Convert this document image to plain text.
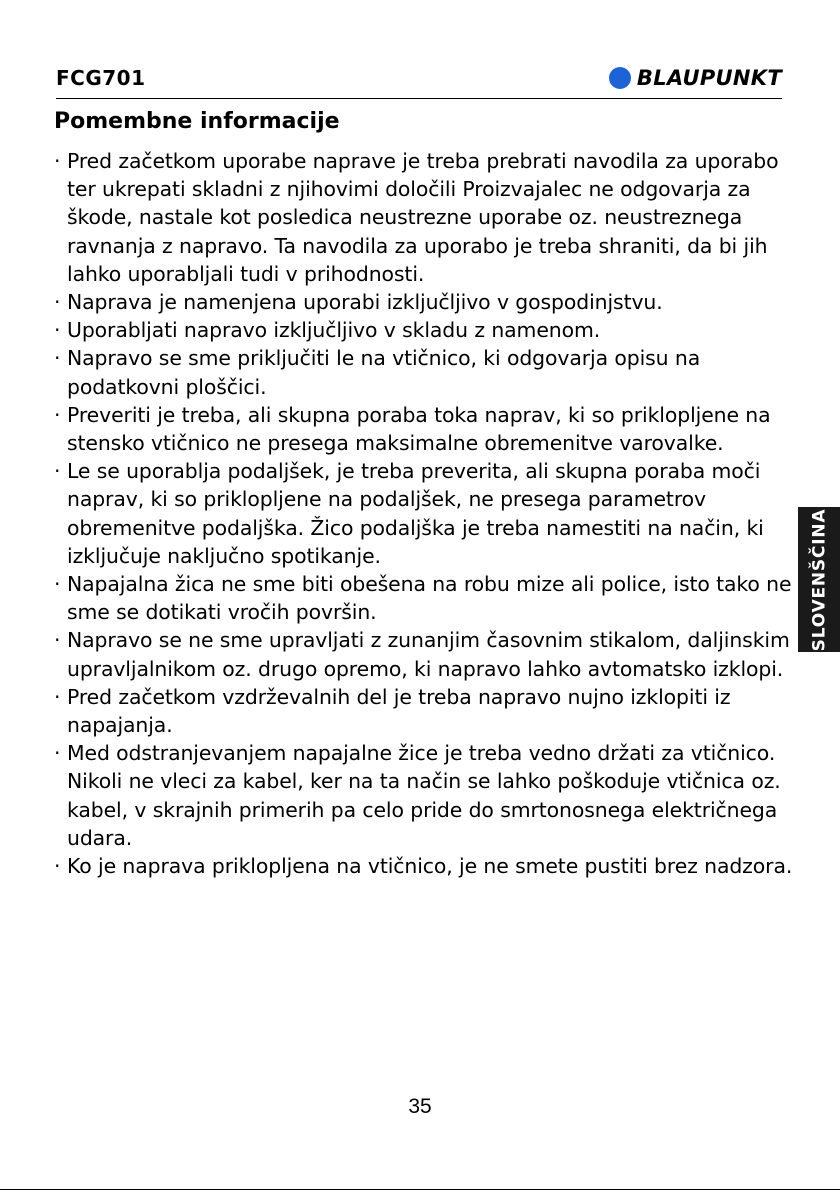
FCG701	BLAUPUNKT
Pomembne informacije
· Pred začetkom uporabe naprave je treba prebrati navodila za uporabo ter ukrepati skladni z njihovimi določili Proizvajalec ne odgovarja za škode, nastale kot posledica neustrezne uporabe oz. neustreznega ravnanja z napravo. Ta navodila za uporabo je treba shraniti, da bi jih lahko uporabljali tudi v prihodnosti.
· Naprava je namenjena uporabi izključljivo v gospodinjstvu.
· Uporabljati napravo izključljivo v skladu z namenom.
· Napravo se sme priključiti le na vtičnico, ki odgovarja opisu na podatkovni ploščici.
· Preveriti je treba, ali skupna poraba toka naprav, ki so priklopljene na stensko vtičnico ne presega maksimalne obremenitve varovalke.
· Le se uporablja podaljšek, je treba preverita, ali skupna poraba moči naprav, ki so priklopljene na podaljšek, ne presega parametrov obremenitve podaljška. Žico podaljška je treba namestiti na način, ki izključuje naključno spotikanje.
· Napajalna žica ne sme biti obešena na robu mize ali police, isto tako ne sme se dotikati vročih površin.
· Napravo se ne sme upravljati z zunanjim časovnim stikalom, daljinskim upravljalnikom oz. drugo opremo, ki napravo lahko avtomatsko izklopi.
· Pred začetkom vzdrževalnih del je treba napravo nujno izklopiti iz napajanja.
· Med odstranjevanjem napajalne žice je treba vedno držati za vtičnico. Nikoli ne vleci za kabel, ker na ta način se lahko poškoduje vtičnica oz. kabel, v skrajnih primerih pa celo pride do smrtonosnega električnega udara.
· Ko je naprava priklopljena na vtičnico, je ne smete pustiti brez nadzora.
SLOVENŠČINA
35
